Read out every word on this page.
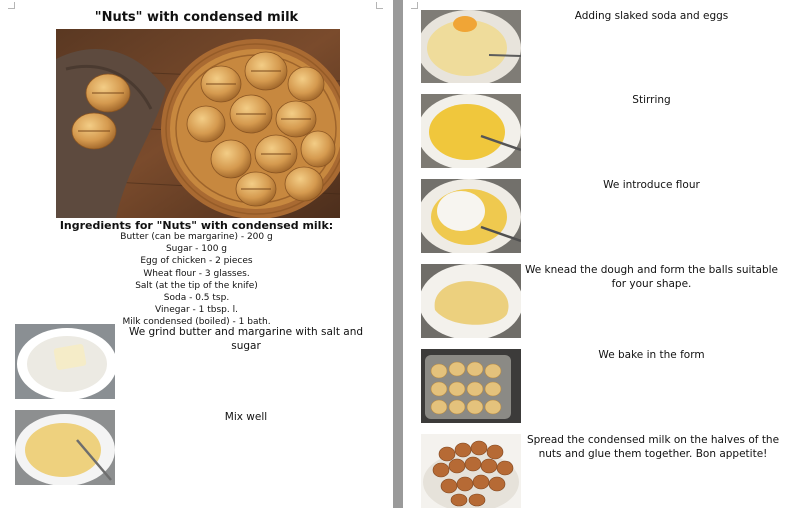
"Nuts" with condensed milk
Ingredients for "Nuts" with condensed milk:
Butter (can be margarine) - 200 g
Sugar - 100 g
Egg of chicken - 2 pieces
Wheat flour - 3 glasses.
Salt (at the tip of the knife)
Soda - 0.5 tsp.
Vinegar - 1 tbsp. l.
Milk condensed (boiled) - 1 bath.
We grind butter and margarine with salt and sugar
Mix well
Adding slaked soda and eggs
Stirring
We introduce flour
We knead the dough and form the balls suitable for your shape.
We bake in the form
Spread the condensed milk on the halves of the nuts and glue them together. Bon appetite!
